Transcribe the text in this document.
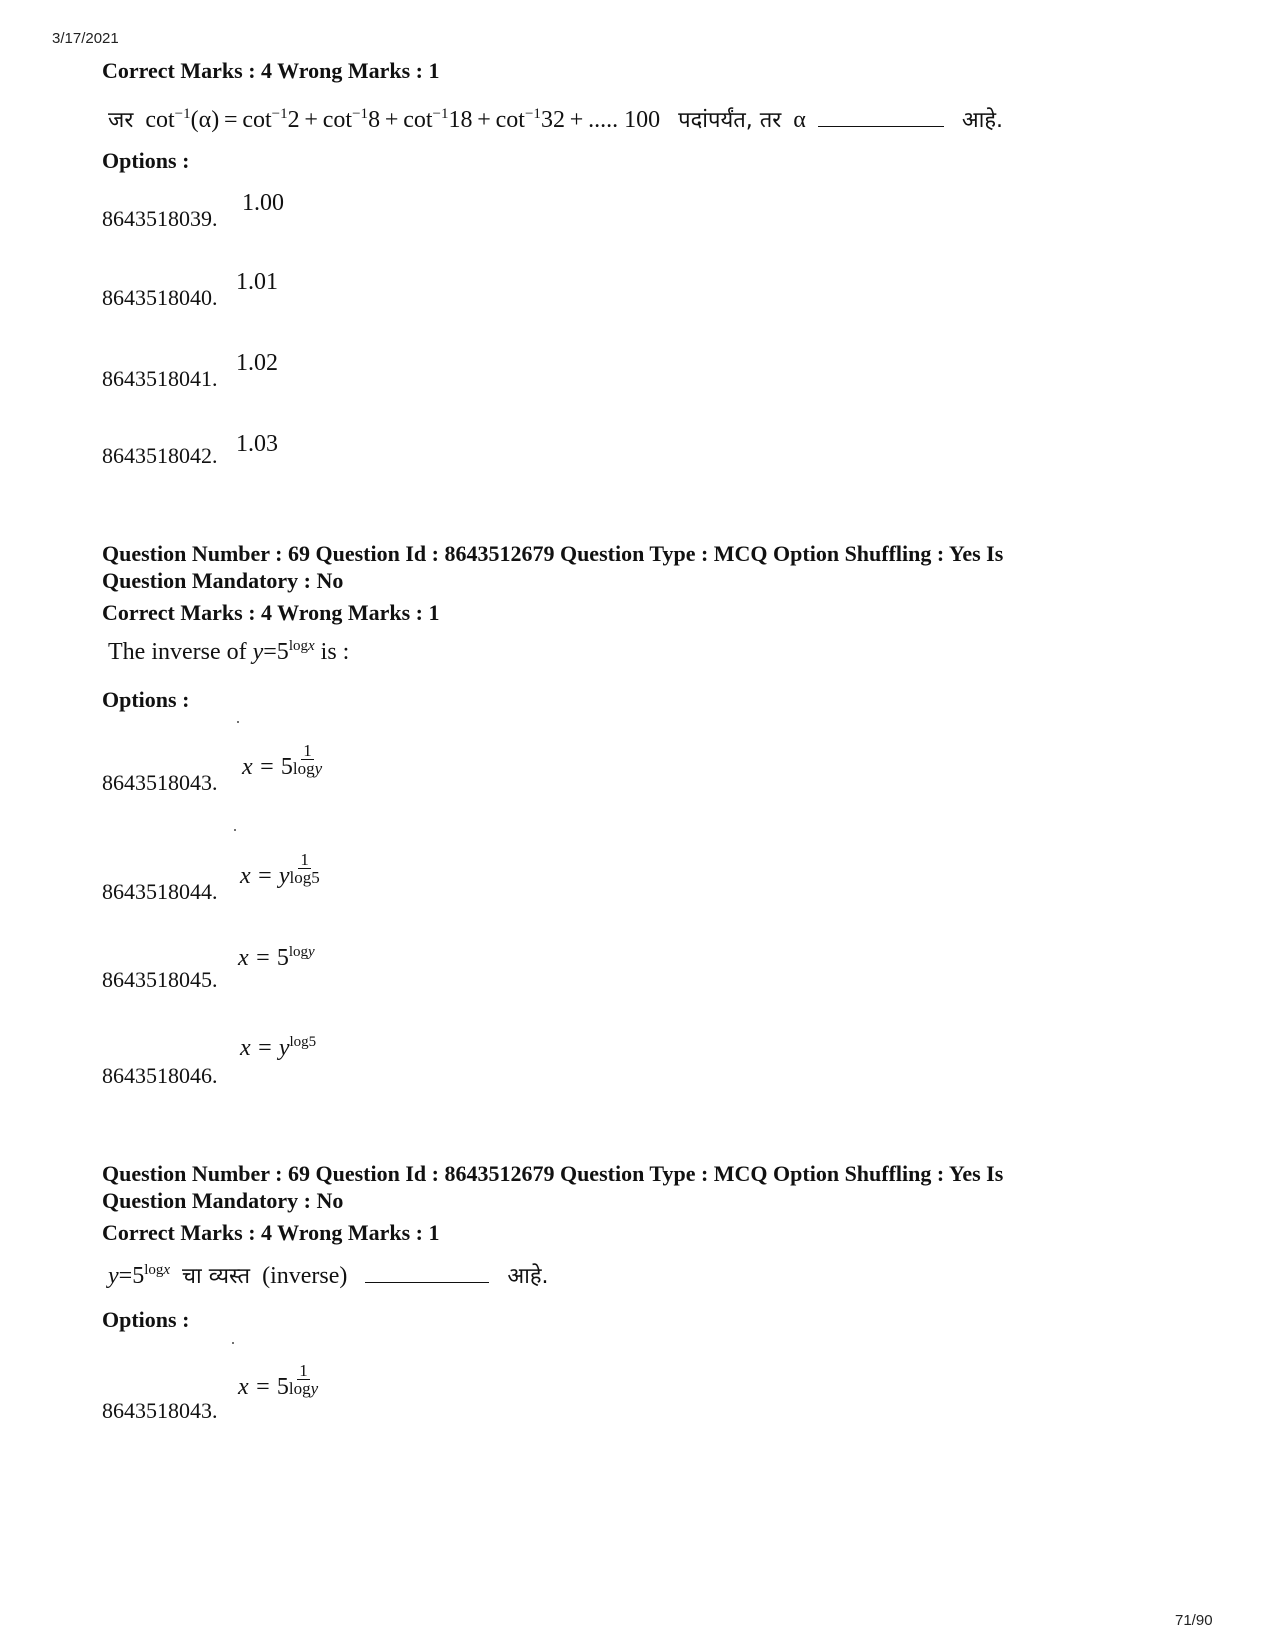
3/17/2021
Correct Marks : 4 Wrong Marks : 1
जर  $\cot^{-1}(\alpha) = \cot^{-1}2 + \cot^{-1}8 + \cot^{-1}18 + \cot^{-1}32$ + ..... 100   पदांपर्यंत, तर α	आहे.
Options :
8643518039.
1.00
8643518040.
1.01
8643518041.
1.02
8643518042. 1.03
Question Number : 69 Question Id : 8643512679 Question Type : MCQ Option Shuffling : Yes Is
Question Mandatory : No
Correct Marks : 4 Wrong Marks : 1
The inverse of $y=5^{logx}$ is :
Options :
8643518043.
$x = 5 \frac{1}{\log y}$
8643518044.
x = y $\frac{1}{\log 5}$
8643518045.
$x = 5^{logy}$
8643518046.
$x = y^{log5}$
Question Number : 69 Question Id : 8643512679 Question Type : MCQ Option Shuffling : Yes Is
Question Mandatory : No
Correct Marks : 4 Wrong Marks : 1
$y=5^{logx}$ चा व्यस्त (inverse)	आहे.
Options :
8643518043.
$x = 5 \frac{1}{\log y}$
71/90
